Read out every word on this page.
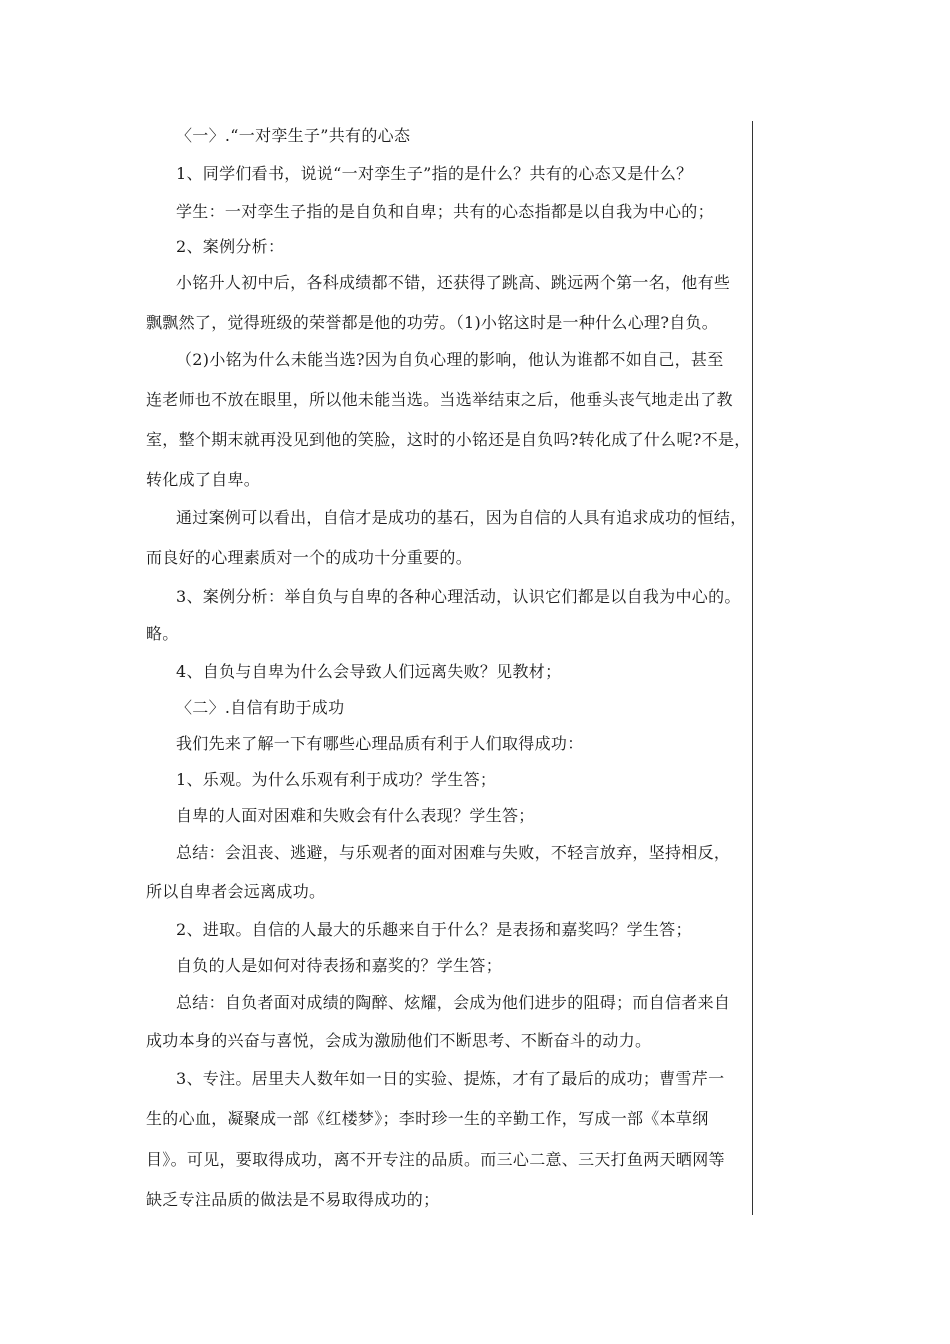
〈一〉.“一对孪生子”共有的心态
1、同学们看书，说说“一对孪生子”指的是什么？共有的心态又是什么？
学生：一对孪生子指的是自负和自卑；共有的心态指都是以自我为中心的；
2、案例分析：
小铭升人初中后，各科成绩都不错，还获得了跳高、跳远两个第一名，他有些
飘飘然了，觉得班级的荣誉都是他的功劳。（1)小铭这时是一种什么心理?自负。
（2)小铭为什么未能当选?因为自负心理的影响，他认为谁都不如自己，甚至
连老师也不放在眼里，所以他未能当选。当选举结束之后，他垂头丧气地走出了教
室，整个期末就再没见到他的笑脸，这时的小铭还是自负吗?转化成了什么呢?不是，
转化成了自卑。
通过案例可以看出，自信才是成功的基石，因为自信的人具有追求成功的恒结，
而良好的心理素质对一个的成功十分重要的。
3、案例分析：举自负与自卑的各种心理活动，认识它们都是以自我为中心的。
略。
4、自负与自卑为什么会导致人们远离失败？见教材；
〈二〉.自信有助于成功
我们先来了解一下有哪些心理品质有利于人们取得成功：
1、乐观。为什么乐观有利于成功？学生答；
自卑的人面对困难和失败会有什么表现？学生答；
总结：会沮丧、逃避，与乐观者的面对困难与失败，不轻言放弃，坚持相反，
所以自卑者会远离成功。
2、进取。自信的人最大的乐趣来自于什么？是表扬和嘉奖吗？学生答；
自负的人是如何对待表扬和嘉奖的？学生答；
总结：自负者面对成绩的陶醉、炫耀，会成为他们进步的阻碍；而自信者来自
成功本身的兴奋与喜悦，会成为激励他们不断思考、不断奋斗的动力。
3、专注。居里夫人数年如一日的实验、提炼，才有了最后的成功；曹雪芹一
生的心血，凝聚成一部《红楼梦》；李时珍一生的辛勤工作，写成一部《本草纲
目》。可见，要取得成功，离不开专注的品质。而三心二意、三天打鱼两天晒网等
缺乏专注品质的做法是不易取得成功的；
